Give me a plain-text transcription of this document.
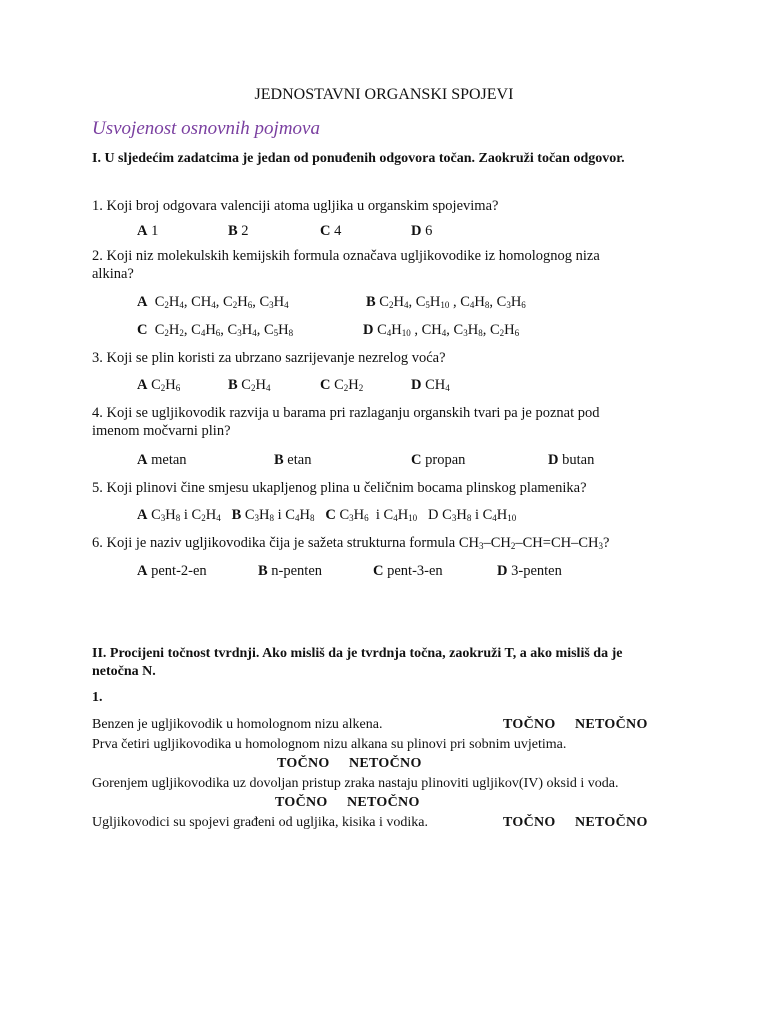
JEDNOSTAVNI ORGANSKI SPOJEVI
Usvojenost osnovnih pojmova
I. U sljedećim zadatcima je jedan od ponuđenih odgovora točan. Zaokruži točan odgovor.
1. Koji broj odgovara valenciji atoma ugljika u organskim spojevima?
A 1	B 2	C 4	D 6
2. Koji niz molekulskih kemijskih formula označava ugljikovodike iz homolognog niza
alkina?
A  $C_2H_4$, $CH_4$, $C_2H_6$, $C_3H_4$	B $C_2H_4$, $C_5H_{10}$ , $C_4H_8$, $C_3H_6$
C  $C_2H_2$, $C_4H_6$, $C_3H_4$, $C_5H_8$	D $C_4H_{10}$ , $CH_4$, $C_3H_8$, $C_2H_6$
3. Koji se plin koristi za ubrzano sazrijevanje nezrelog voća?
A $C_2H_6$	B $C_2H_4$	C $C_2H_2$	D $CH_4$
4. Koji se ugljikovodik razvija u barama pri razlaganju organskih tvari pa je poznat pod
imenom močvarni plin?
A metan	B etan	C propan	D butan
5. Koji plinovi čine smjesu ukapljenog plina u čeličnim bocama plinskog plamenika?
A $C_3H_8$ i $C_2H_4$ B $C_3H_8$ i $C_4H_8$ C $C_3H_6$  i $C_4H_{10}$ D $C_3H_8$ i $C_4H_{10}$
6. Koji je naziv ugljikovodika čija je sažeta strukturna formula $CH_3-CH_2-CH=CH-CH_3$?
A pent-2-en	B n-penten	C pent-3-en	D 3-penten
II. Procijeni točnost tvrdnji. Ako misliš da je tvrdnja točna, zaokruži T, a ako misliš da je
netočna N.
1.
Benzen je ugljikovodik u homolognom nizu alkena.	TOČNO NETOČNO
Prva četiri ugljikovodika u homolognom nizu alkana su plinovi pri sobnim uvjetima.
TOČNO NETOČNO
Gorenjem ugljikovodika uz dovoljan pristup zraka nastaju plinoviti ugljikov(IV) oksid i voda.
TOČNO NETOČNO
Ugljikovodici su spojevi građeni od ugljika, kisika i vodika.	TOČNO NETOČNO
